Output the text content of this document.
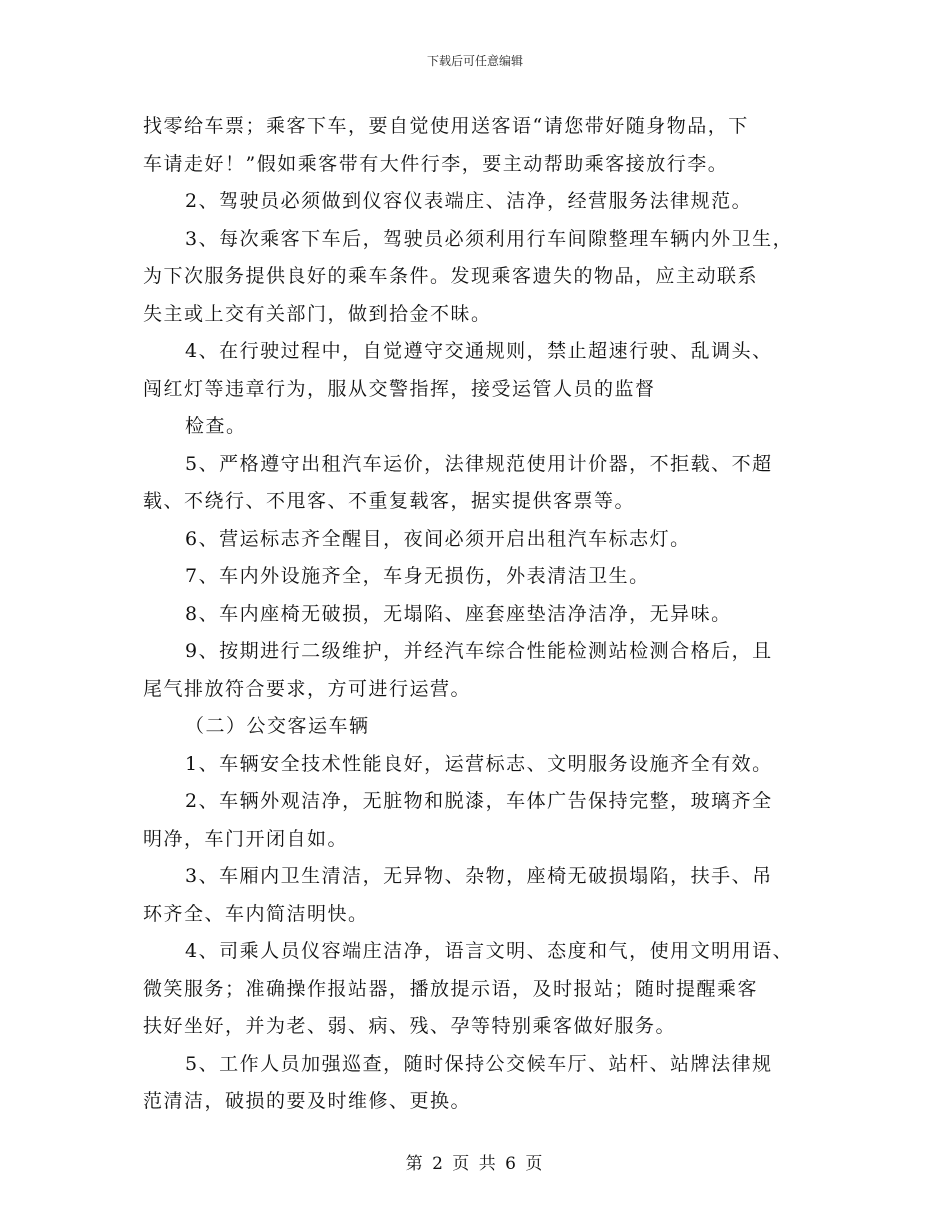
下载后可任意编辑
找零给车票；乘客下车，要自觉使用送客语“请您带好随身物品，下
车请走好！”假如乘客带有大件行李，要主动帮助乘客接放行李。
2、驾驶员必须做到仪容仪表端庄、洁净，经营服务法律规范。
3、每次乘客下车后，驾驶员必须利用行车间隙整理车辆内外卫生，
为下次服务提供良好的乘车条件。发现乘客遗失的物品，应主动联系
失主或上交有关部门，做到拾金不昧。
4、在行驶过程中，自觉遵守交通规则，禁止超速行驶、乱调头、
闯红灯等违章行为，服从交警指挥，接受运管人员的监督
检查。
5、严格遵守出租汽车运价，法律规范使用计价器，不拒载、不超
载、不绕行、不甩客、不重复载客，据实提供客票等。
6、营运标志齐全醒目，夜间必须开启出租汽车标志灯。
7、车内外设施齐全，车身无损伤，外表清洁卫生。
8、车内座椅无破损，无塌陷、座套座垫洁净洁净，无异味。
9、按期进行二级维护，并经汽车综合性能检测站检测合格后，且
尾气排放符合要求，方可进行运营。
（二）公交客运车辆
1、车辆安全技术性能良好，运营标志、文明服务设施齐全有效。
2、车辆外观洁净，无脏物和脱漆，车体广告保持完整，玻璃齐全
明净，车门开闭自如。
3、车厢内卫生清洁，无异物、杂物，座椅无破损塌陷，扶手、吊
环齐全、车内简洁明快。
4、司乘人员仪容端庄洁净，语言文明、态度和气，使用文明用语、
微笑服务；准确操作报站器，播放提示语，及时报站；随时提醒乘客
扶好坐好，并为老、弱、病、残、孕等特别乘客做好服务。
5、工作人员加强巡查，随时保持公交候车厅、站杆、站牌法律规
范清洁，破损的要及时维修、更换。
第 2 页 共 6 页
